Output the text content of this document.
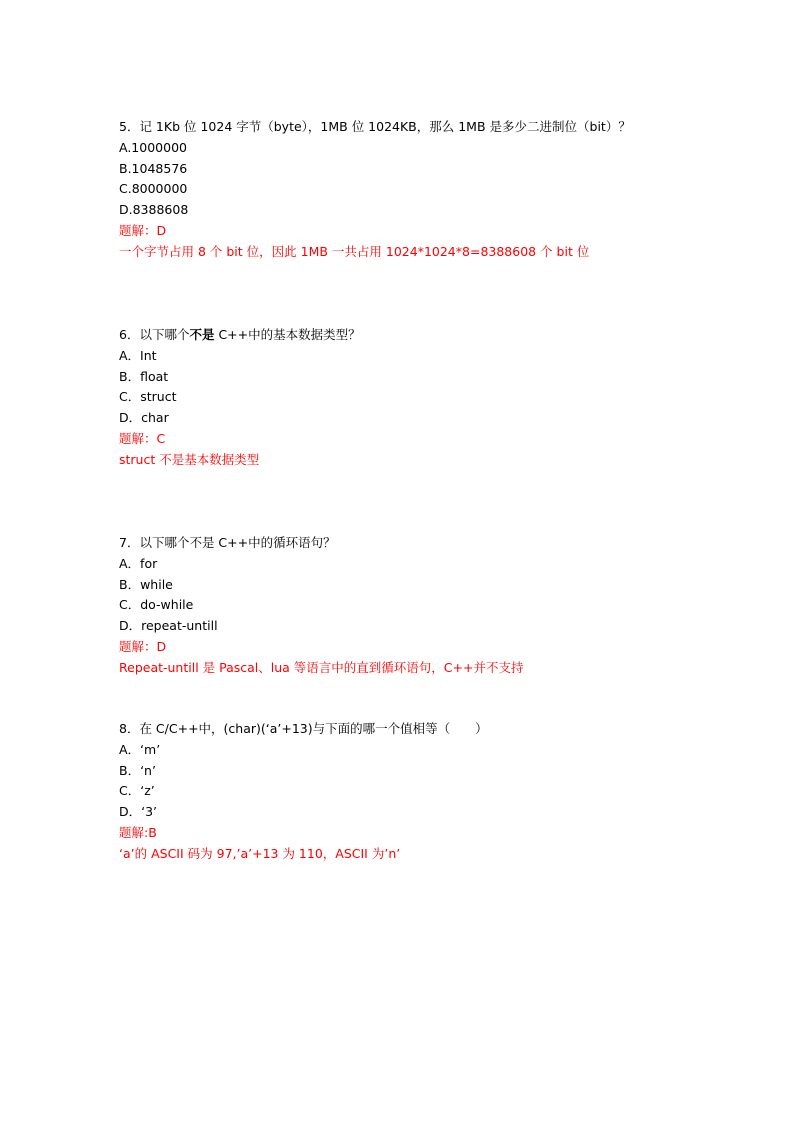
5．记 1Kb 位 1024 字节（byte），1MB 位 1024KB，那么 1MB 是多少二进制位（bit）？
A.1000000
B.1048576
C.8000000
D.8388608
题解：D
一个字节占用 8 个 bit 位，因此 1MB 一共占用 1024*1024*8=8388608 个 bit 位
6．以下哪个不是 C++中的基本数据类型？
A．Int
B．float
C．struct
D．char
题解：C
struct 不是基本数据类型
7．以下哪个不是 C++中的循环语句？
A．for
B．while
C．do-while
D．repeat-untill
题解：D
Repeat-untill 是 Pascal、lua 等语言中的直到循环语句，C++并不支持
8．在 C/C++中，(char)(‘a’+13)与下面的哪一个值相等（　　）
A．‘m’
B．‘n’
C．‘z’
D．‘3’
题解:B
‘a’的 ASCII 码为 97,’a’+13 为 110，ASCII 为’n’
